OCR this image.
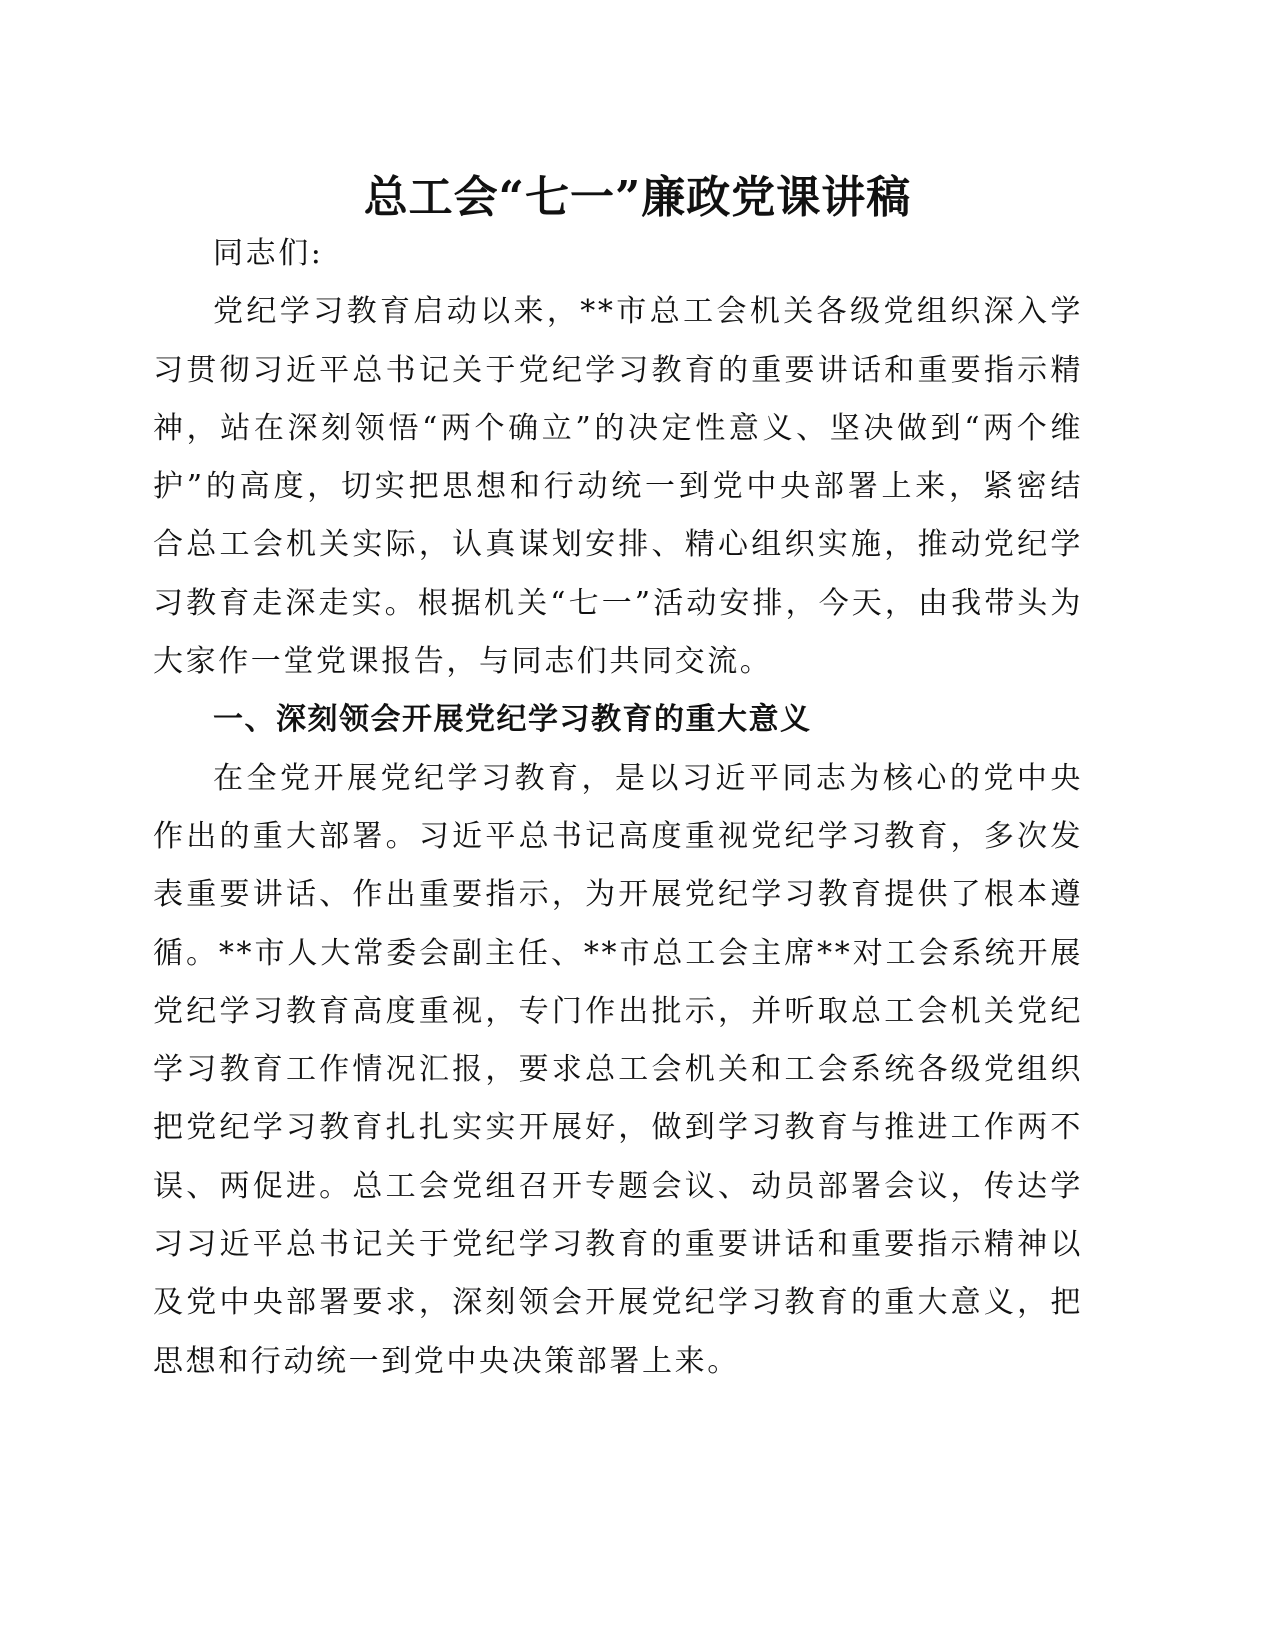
总工会“七一”廉政党课讲稿

同志们:

党纪学习教育启动以来，**市总工会机关各级党组织深入学习贯彻习近平总书记关于党纪学习教育的重要讲话和重要指示精神，站在深刻领悟“两个确立”的决定性意义、坚决做到“两个维护”的高度，切实把思想和行动统一到党中央部署上来，紧密结合总工会机关实际，认真谋划安排、精心组织实施，推动党纪学习教育走深走实。根据机关“七一”活动安排，今天，由我带头为大家作一堂党课报告，与同志们共同交流。

一、深刻领会开展党纪学习教育的重大意义

在全党开展党纪学习教育，是以习近平同志为核心的党中央作出的重大部署。习近平总书记高度重视党纪学习教育，多次发表重要讲话、作出重要指示，为开展党纪学习教育提供了根本遵循。**市人大常委会副主任、**市总工会主席**对工会系统开展党纪学习教育高度重视，专门作出批示，并听取总工会机关党纪学习教育工作情况汇报，要求总工会机关和工会系统各级党组织把党纪学习教育扎扎实实开展好，做到学习教育与推进工作两不误、两促进。总工会党组召开专题会议、动员部署会议，传达学习习近平总书记关于党纪学习教育的重要讲话和重要指示精神以及党中央部署要求，深刻领会开展党纪学习教育的重大意义，把思想和行动统一到党中央决策部署上来。
